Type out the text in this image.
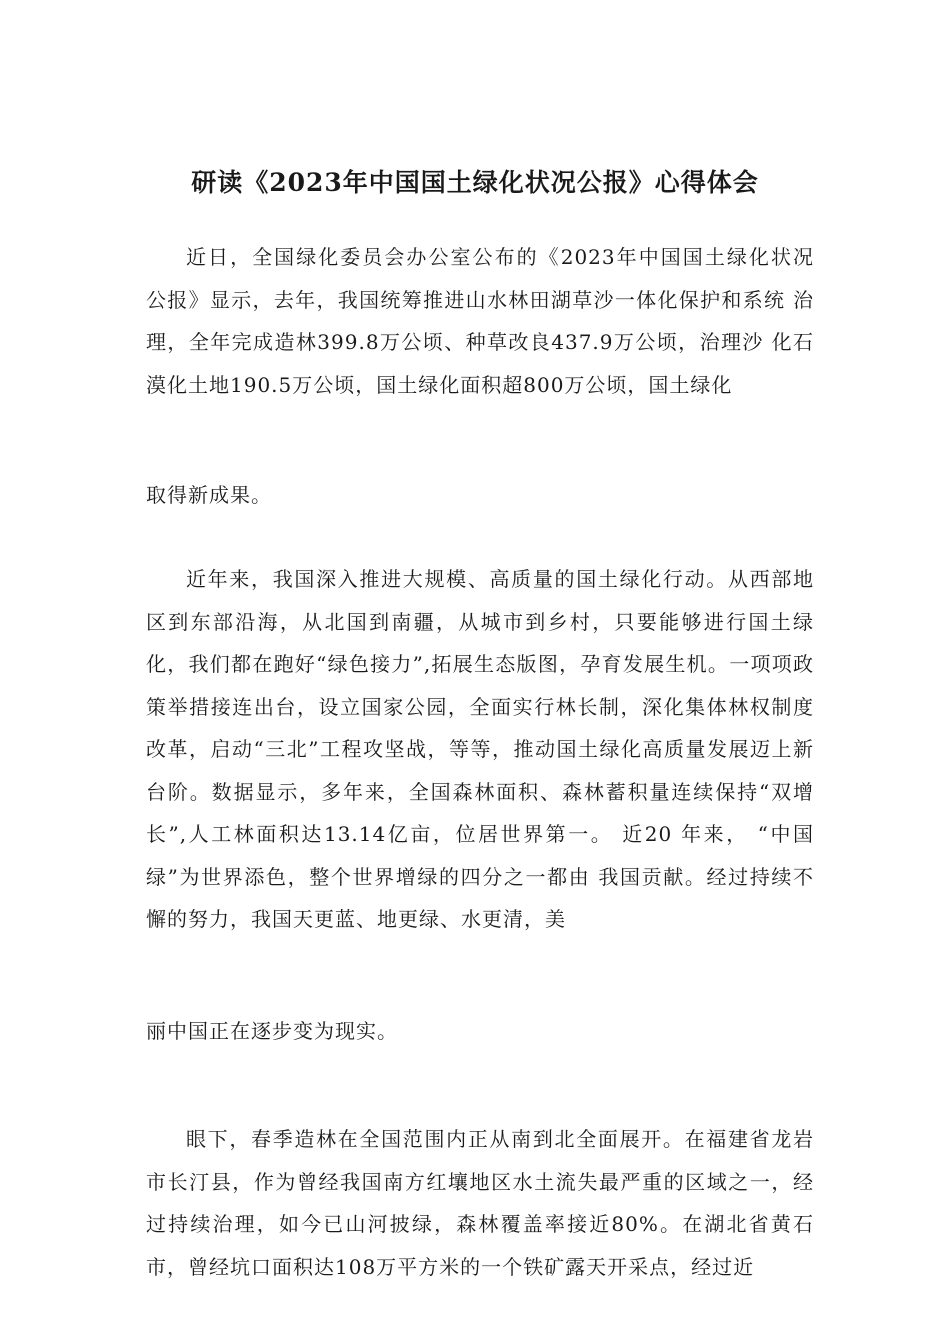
研读《2023年中国国土绿化状况公报》心得体会

近日，全国绿化委员会办公室公布的《2023年中国国土绿化状况 公报》显示，去年，我国统筹推进山水林田湖草沙一体化保护和系统 治理，全年完成造林399.8万公顷、种草改良437.9万公顷，治理沙 化石漠化土地190.5万公顷，国土绿化面积超800万公顷，国土绿化

取得新成果。

近年来，我国深入推进大规模、高质量的国土绿化行动。从西部地区到东部沿海，从北国到南疆，从城市到乡村，只要能够进行国土绿化，我们都在跑好“绿色接力”,拓展生态版图，孕育发展生机。一项项政策举措接连出台，设立国家公园，全面实行林长制，深化集体林权制度改革，启动“三北”工程攻坚战，等等，推动国土绿化高质量发展迈上新台阶。数据显示，多年来，全国森林面积、森林蓄积量连续保持“双增长”,人工林面积达13.14亿亩，位居世界第一。 近20 年来， “中国绿”为世界添色，整个世界增绿的四分之一都由 我国贡献。经过持续不懈的努力，我国天更蓝、地更绿、水更清，美

丽中国正在逐步变为现实。

眼下，春季造林在全国范围内正从南到北全面展开。在福建省龙岩市长汀县，作为曾经我国南方红壤地区水土流失最严重的区域之一，经过持续治理，如今已山河披绿，森林覆盖率接近80%。在湖北省黄石市，曾经坑口面积达108万平方米的一个铁矿露天开采点，经过近
